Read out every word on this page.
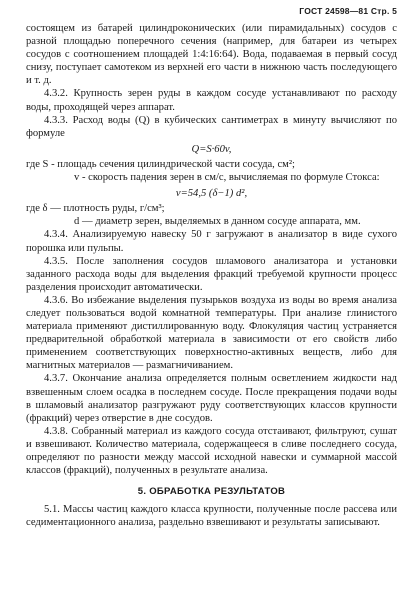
ГОСТ 24598—81 Стр. 5

состоящем из батарей цилиндроконических (или пирамидальных) сосудов с разной площадью поперечного сечения (например, для батареи из четырех сосудов с соотношением площадей 1:4:16:64). Вода, подаваемая в первый сосуд снизу, поступает самотеком из верхней его части в нижнюю часть последующего и т. д.

4.3.2. Крупность зерен руды в каждом сосуде устанавливают по расходу воды, проходящей через аппарат.

4.3.3. Расход воды (Q) в кубических сантиметрах в минуту вычисляют по формуле

Q=S·60v,

где S - площадь сечения цилиндрической части сосуда, см²;

v - скорость падения зерен в см/с, вычисляемая по формуле Стокса:

v=54,5 (δ−1) d²,

где δ — плотность руды, г/см³;

d — диаметр зерен, выделяемых в данном сосуде аппарата, мм.

4.3.4. Анализируемую навеску 50 г загружают в анализатор в виде сухого порошка или пульпы.

4.3.5. После заполнения сосудов шламового анализатора и установки заданного расхода воды для выделения фракций требуемой крупности процесс разделения происходит автоматически.

4.3.6. Во избежание выделения пузырьков воздуха из воды во время анализа следует пользоваться водой комнатной температуры. При анализе глинистого материала применяют дистиллированную воду. Флокуляция частиц устраняется предварительной обработкой материала в зависимости от его свойств либо применением соответствующих поверхностно-активных веществ, либо для магнитных материалов — размагничиванием.

4.3.7. Окончание анализа определяется полным осветлением жидкости над взвешенным слоем осадка в последнем сосуде. После прекращения подачи воды в шламовый анализатор разгружают руду соответствующих классов крупности (фракций) через отверстие в дне сосудов.

4.3.8. Собранный материал из каждого сосуда отстаивают, фильтруют, сушат и взвешивают. Количество материала, содержащееся в сливе последнего сосуда, определяют по разности между массой исходной навески и суммарной массой классов (фракций), полученных в результате анализа.

5. ОБРАБОТКА РЕЗУЛЬТАТОВ

5.1. Массы частиц каждого класса крупности, полученные после рассева или седиментационного анализа, раздельно взвешивают и результаты записывают.
